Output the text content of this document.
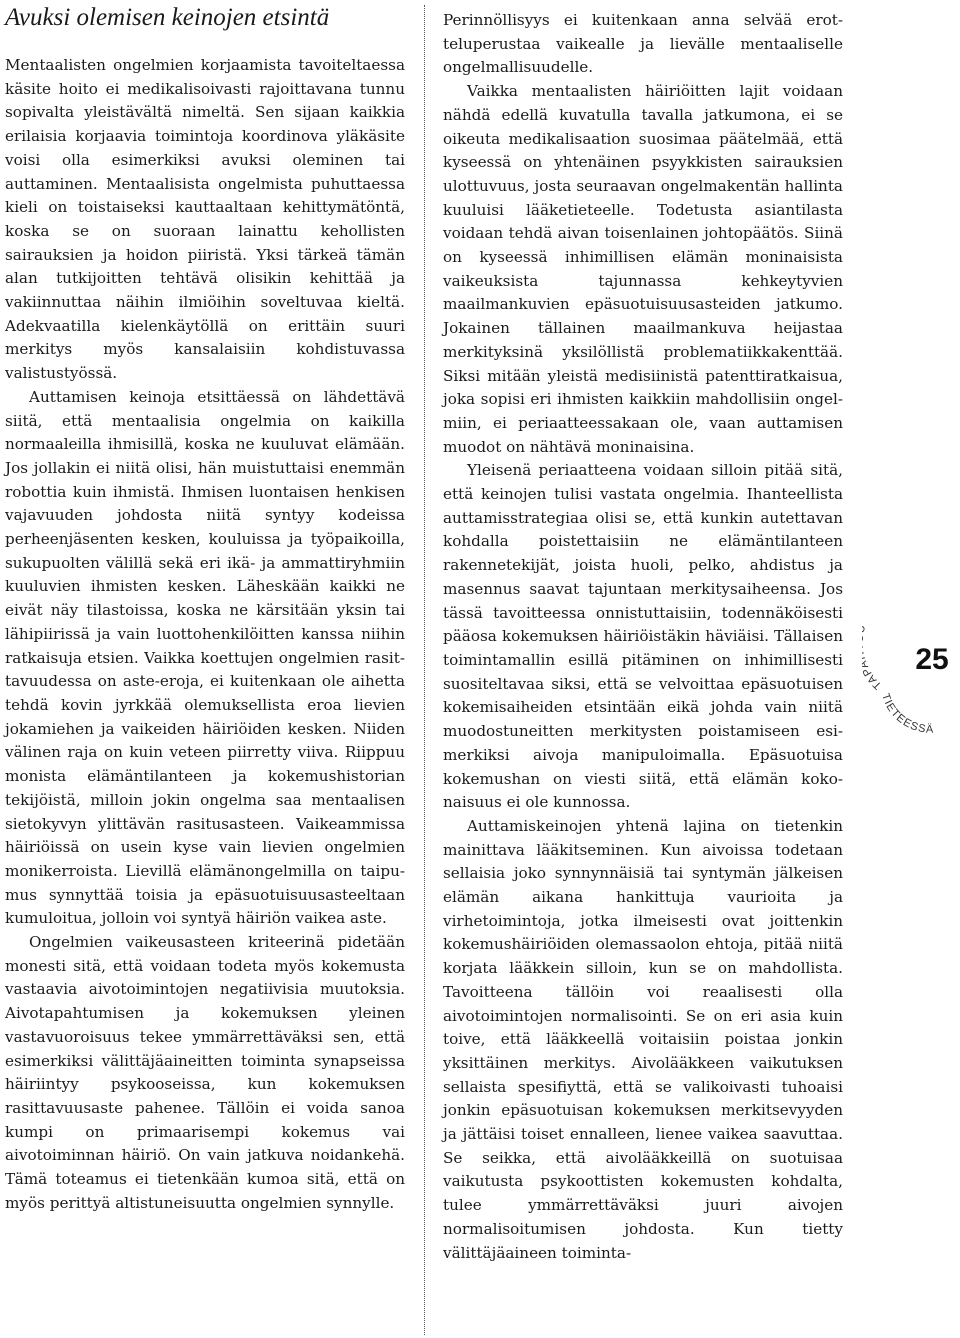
Avuksi olemisen keinojen etsintä

Mentaalisten ongelmien korjaamista tavoiteltaessa käsite hoito ei medikalisoivasti rajoittavana tunnu sopivalta yleistävältä nimeltä. Sen sijaan kaikkia erilaisia korjaavia toimintoja koordinova yläkäsite voisi olla esimerkiksi avuksi oleminen tai auttaminen. Mentaalisista ongelmista puhuttaessa kieli on toistaiseksi kauttaaltaan kehittymätöntä, koska se on suoraan lainattu kehollisten sairauksien ja hoidon piiristä. Yksi tärkeä tämän alan tutkijoitten tehtävä olisikin kehittää ja vakiinnuttaa näihin ilmiöihin soveltuvaa kieltä. Adekvaatilla kielenkäytöllä on erittäin suuri merkitys myös kansalaisiin kohdistuvassa valistustyössä.

Auttamisen keinoja etsittäessä on lähdettävä siitä, että mentaalisia ongelmia on kaikilla normaaleilla ihmisillä, koska ne kuuluvat elämään. Jos jollakin ei niitä olisi, hän muistuttaisi enemmän robottia kuin ihmistä. Ihmisen luontaisen henkisen vajavuuden johdosta niitä syntyy kodeissa perheenjäsenten kesken, kouluissa ja työpaikoilla, sukupuolten välillä sekä eri ikä- ja ammattiryhmiin kuuluvien ihmisten kesken. Läheskään kaikki ne eivät näy tilastoissa, koska ne kärsitään yksin tai lähipiirissä ja vain luottohenkilöitten kanssa niihin ratkaisuja etsien. Vaikka koettujen ongelmien rasittavuudessa on aste-eroja, ei kuitenkaan ole aihetta tehdä kovin jyrkkää olemuksellista eroa lievien jokamiehen ja vaikeiden häiriöiden kesken. Niiden välinen raja on kuin veteen piirretty viiva. Riippuu monista elämäntilanteen ja kokemushistorian tekijöistä, milloin jokin ongelma saa mentaalisen sietokyvyn ylittävän rasitusasteen. Vaikeammissa häiriöissä on usein kyse vain lievien ongelmien monikerroista. Lievillä elämänongelmilla on taipumus synnyttää toisia ja epäsuotuisuusasteeltaan kumuloitua, jolloin voi syntyä häiriön vaikea aste.

Ongelmien vaikeusasteen kriteerinä pidetään monesti sitä, että voidaan todeta myös kokemusta vastaavia aivotoimintojen negatiivisia muutoksia. Aivotapahtumisen ja kokemuksen yleinen vastavuoroisuus tekee ymmärrettäväksi sen, että esimerkiksi välittäjäaineitten toiminta synapseissa häiriintyy psykooseissa, kun kokemuksen rasittavuusaste pahenee. Tällöin ei voida sanoa kumpi on primaarisempi kokemus vai aivotoiminnan häiriö. On vain jatkuva noidankehä. Tämä toteamus ei tietenkään kumoa sitä, että on myös perittyä altistuneisuutta ongelmien synnylle.

Perinnöllisyys ei kuitenkaan anna selvää erotteluperustaa vaikealle ja lievälle mentaaliselle ongelmallisuudelle.

Vaikka mentaalisten häiriöitten lajit voidaan nähdä edellä kuvatulla tavalla jatkumona, ei se oikeuta medikalisaation suosimaa päätelmää, että kyseessä on yhtenäinen psyykkisten sairauksien ulottuvuus, josta seuraavan ongelmakentän hallinta kuuluisi lääketieteelle. Todetusta asiantilasta voidaan tehdä aivan toisenlainen johtopäätös. Siinä on kyseessä inhimillisen elämän moninaisista vaikeuksista tajunnassa kehkeytyvien maailmankuvien epäsuotuisuusasteiden jatkumo. Jokainen tällainen maailmankuva heijastaa merkityksinä yksilöllistä problematiikkakenttää. Siksi mitään yleistä medisiinistä patenttiratkaisua, joka sopisi eri ihmisten kaikkiin mahdollisiin ongelmiin, ei periaatteessakaan ole, vaan auttamisen muodot on nähtävä moninaisina.

Yleisenä periaatteena voidaan silloin pitää sitä, että keinojen tulisi vastata ongelmia. Ihanteellista auttamisstrategiaa olisi se, että kunkin autettavan kohdalla poistettaisiin ne elämäntilanteen rakennetekijät, joista huoli, pelko, ahdistus ja masennus saavat tajuntaan merkitysaiheensa. Jos tässä tavoitteessa onnistuttaisiin, todennäköisesti pääosa kokemuksen häiriöistäkin häviäisi. Tällaisen toimintamallin esillä pitäminen on inhimillisesti suositeltavaa siksi, että se velvoittaa epäsuotuisen kokemisaiheiden etsintään eikä johda vain niitä muodostuneitten merkitysten poistamiseen esimerkiksi aivoja manipuloimalla. Epäsuotuisa kokemushan on viesti siitä, että elämän kokonaisuus ei ole kunnossa.

Auttamiskeinojen yhtenä lajina on tietenkin mainittava lääkitseminen. Kun aivoissa todetaan sellaisia joko synnynnäisiä tai syntymän jälkeisen elämän aikana hankittuja vaurioita ja virhetoimintoja, jotka ilmeisesti ovat joittenkin kokemushäiriöiden olemassaolon ehtoja, pitää niitä korjata lääkkein silloin, kun se on mahdollista. Tavoitteena tällöin voi reaalisesti olla aivotoimintojen normalisointi. Se on eri asia kuin toive, että lääkkeellä voitaisiin poistaa jonkin yksittäinen merkitys. Aivolääkkeen vaikutuksen sellaista spesifiyttä, että se valikoivasti tuhoaisi jonkin epäsuotuisan kokemuksen merkitsevyyden ja jättäisi toiset ennalleen, lienee vaikea saavuttaa. Se seikka, että aivolääkkeillä on suotuisaa vaikutusta psykoottisten kokemusten kohdalta, tulee ymmärrettäväksi juuri aivojen normalisoitumisen johdosta. Kun tietty välittäjäaineen toiminta-

TA
TIETEESSÄ
25
